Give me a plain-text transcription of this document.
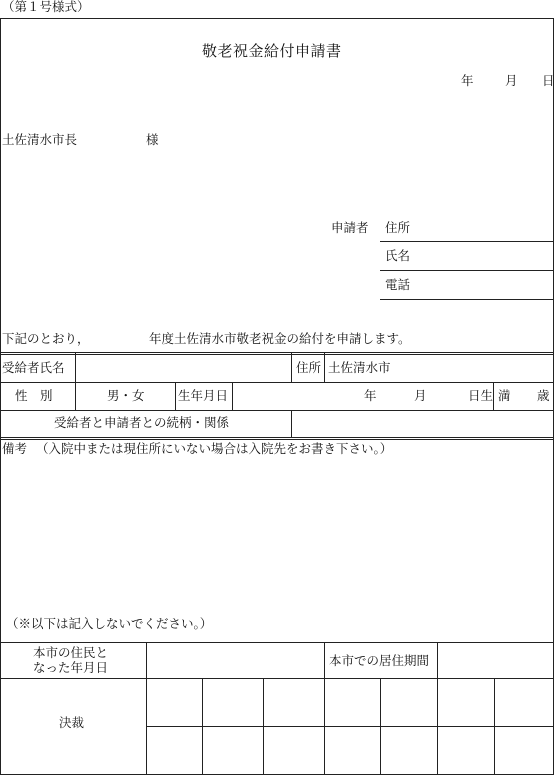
（第１号様式）
敬老祝金給付申請書
年	月 日
土佐清水市長	様
申請者 住所
氏名
電話
下記のとおり，	年度土佐清水市敬老祝金の給付を申請します。
受給者氏名	住所 土佐清水市
性　別	男・女	生年月日	年	月	日生 満 歳
受給者と申請者との続柄・関係
備考 （入院中または現住所にいない場合は入院先をお書き下さい。）
（※以下は記入しないでください。）
本市の住民と
なった年月日	本市での居住期間
決裁
